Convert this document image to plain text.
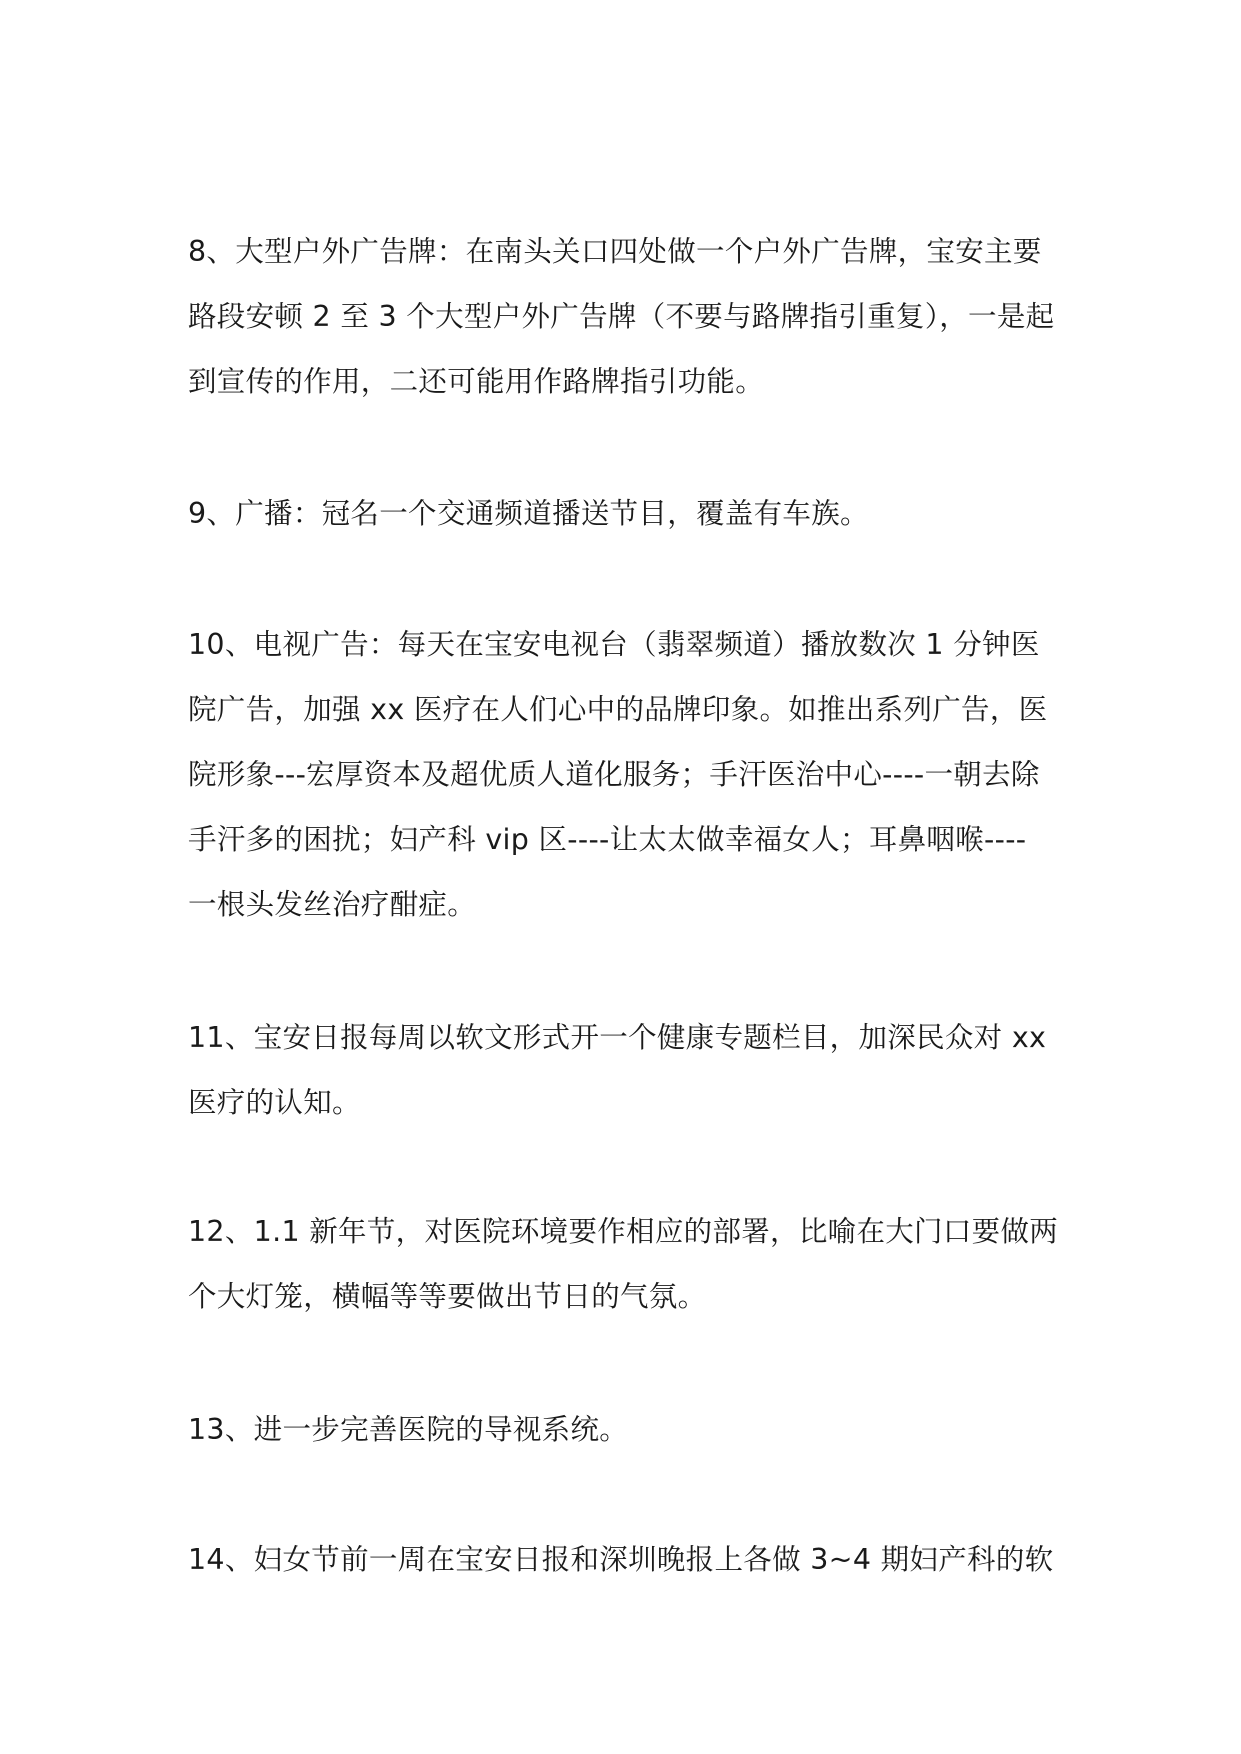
8、大型户外广告牌：在南头关口四处做一个户外广告牌，宝安主要
路段安顿 2 至 3 个大型户外广告牌（不要与路牌指引重复），一是起
到宣传的作用，二还可能用作路牌指引功能。
9、广播：冠名一个交通频道播送节目，覆盖有车族。
10、电视广告：每天在宝安电视台（翡翠频道）播放数次 1 分钟医
院广告，加强 xx 医疗在人们心中的品牌印象。如推出系列广告，医
院形象---宏厚资本及超优质人道化服务；手汗医治中心----一朝去除
手汗多的困扰；妇产科 vip 区----让太太做幸福女人；耳鼻咽喉----
一根头发丝治疗酣症。
11、宝安日报每周以软文形式开一个健康专题栏目，加深民众对 xx
医疗的认知。
12、1.1 新年节，对医院环境要作相应的部署，比喻在大门口要做两
个大灯笼，横幅等等要做出节日的气氛。
13、进一步完善医院的导视系统。
14、妇女节前一周在宝安日报和深圳晚报上各做 3~4 期妇产科的软
